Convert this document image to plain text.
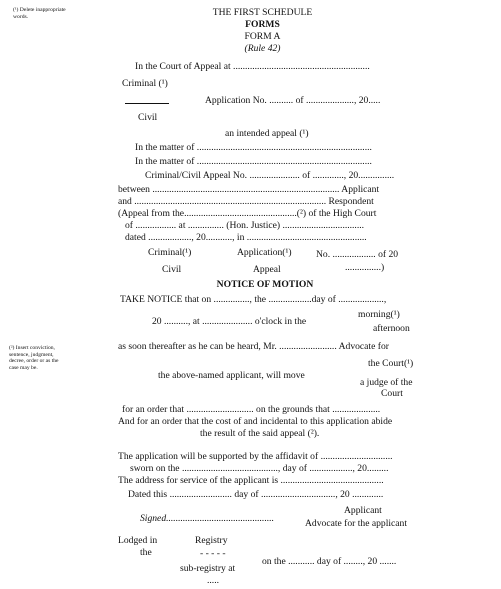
(¹) Delete inappropriate
words.
(²) Insert conviction,
sentence, judgment,
decree, order or as the
case may be.
THE FIRST SCHEDULE
FORMS
FORM A
(Rule 42)
In the Court of Appeal at .........................................................
Criminal (¹)
Application No. .......... of ...................., 20.....
Civil
an intended appeal (¹)
In the matter of .........................................................................
In the matter of .........................................................................
Criminal/Civil Appeal No. ..................... of ............., 20...............
between .............................................................................. Applicant
and ................................................................................ Respondent
(Appeal from the...............................................(²) of the High Court
of ................. at ............... (Hon. Justice) ..................................
dated .................., 20..........., in ..................................................
Criminal(¹)	Application(¹)	No. .................. of 20
Civil	Appeal	...............)
NOTICE OF MOTION
TAKE NOTICE that on ..............., the ..................day of ...................,
morning(¹)
20 .........., at ..................... o'clock in the
afternoon
as soon thereafter as he can be heard, Mr. ........................ Advocate for
the Court(¹)
the above-named applicant, will move
a judge of the
Court
for an order that ............................ on the grounds that ....................
And for an order that the cost of and incidental to this application abide
the result of the said appeal (²).
The application will be supported by the affidavit of ..............................
sworn on the ........................................, day of .................., 20.........
The address for service of the applicant is ...........................................
Dated this .......................... day of ..............................., 20 .............
Applicant
Signed.............................................	Advocate for the applicant
Lodged in	Registry
the	- - - - -
on the ........... day of ........, 20 .......
sub-registry at
.....
